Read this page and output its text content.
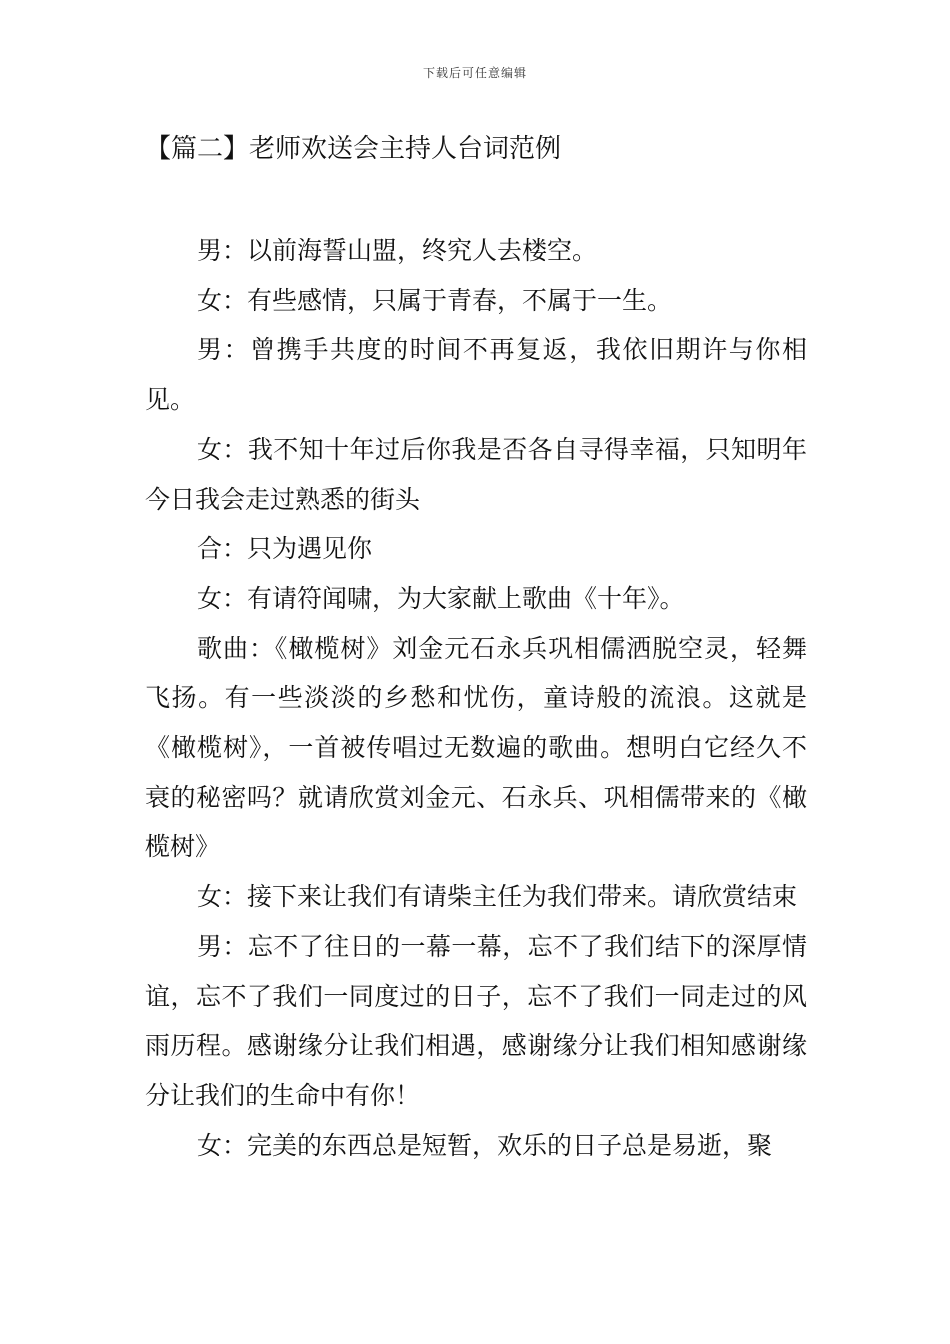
下载后可任意编辑
【篇二】老师欢送会主持人台词范例

男：以前海誓山盟，终究人去楼空。

女：有些感情，只属于青春，不属于一生。

男：曾携手共度的时间不再复返，我依旧期许与你相见。

女：我不知十年过后你我是否各自寻得幸福，只知明年今日我会走过熟悉的街头

合：只为遇见你

女：有请符闻啸，为大家献上歌曲《十年》。

歌曲：《橄榄树》刘金元石永兵巩相儒洒脱空灵，轻舞飞扬。有一些淡淡的乡愁和忧伤，童诗般的流浪。这就是《橄榄树》，一首被传唱过无数遍的歌曲。想明白它经久不衰的秘密吗？就请欣赏刘金元、石永兵、巩相儒带来的《橄榄树》

女：接下来让我们有请柴主任为我们带来。请欣赏结束

男：忘不了往日的一幕一幕，忘不了我们结下的深厚情谊，忘不了我们一同度过的日子，忘不了我们一同走过的风雨历程。感谢缘分让我们相遇，感谢缘分让我们相知感谢缘分让我们的生命中有你！

女：完美的东西总是短暂，欢乐的日子总是易逝，聚
